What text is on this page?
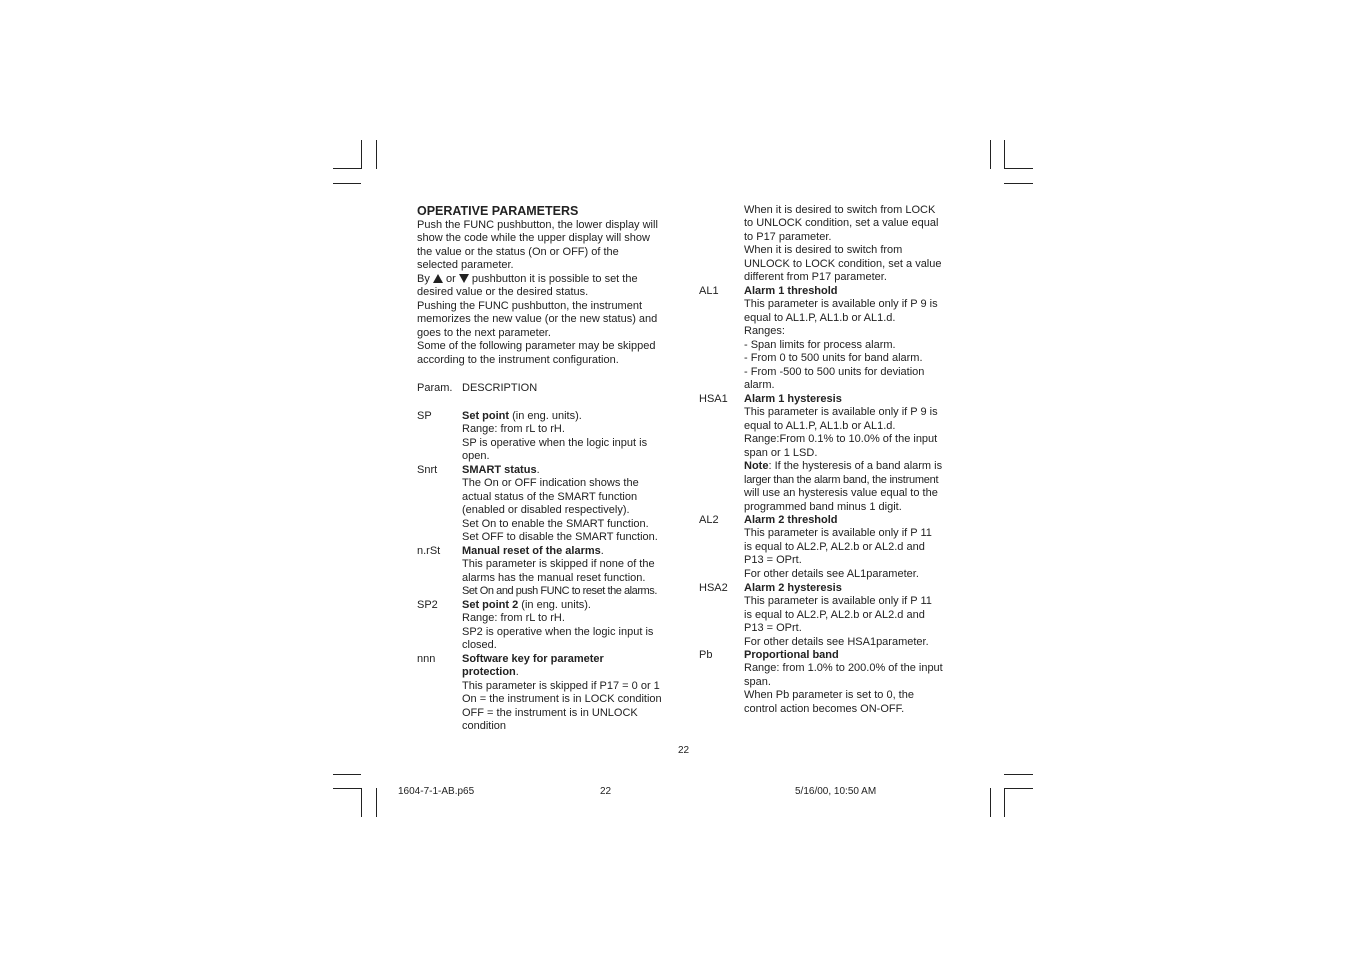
OPERATIVE PARAMETERS
Push the FUNC pushbutton, the lower display will
show the code while the upper display will show
the value or the status (On or OFF) of the
selected parameter.
By or pushbutton it is possible to set the
desired value or the desired status.
Pushing the FUNC pushbutton, the instrument
memorizes the new value (or the new status) and
goes to the next parameter.
Some of the following parameter may be skipped
according to the instrument configuration.
Param. DESCRIPTION
SP	Set point (in eng. units).
Range: from rL to rH.
SP is operative when the logic input is
open.
Snrt SMART status.
The On or OFF indication shows the
actual status of the SMART function
(enabled or disabled respectively).
Set On to enable the SMART function.
Set OFF to disable the SMART function.
n.rSt Manual reset of the alarms.
This parameter is skipped if none of the
alarms has the manual reset function.
Set On and push FUNC to reset the alarms.
SP2 Set point 2 (in eng. units).
Range: from rL to rH.
SP2 is operative when the logic input is
closed.
nnn Software key for parameter
protection.
This parameter is skipped if P17 = 0 or 1
On = the instrument is in LOCK condition
OFF = the instrument is in UNLOCK
condition
When it is desired to switch from LOCK
to UNLOCK condition, set a value equal
to P17 parameter.
When it is desired to switch from
UNLOCK to LOCK condition, set a value
different from P17 parameter.
AL1 Alarm 1 threshold
This parameter is available only if P 9 is
equal to AL1.P, AL1.b or AL1.d.
Ranges:
- Span limits for process alarm.
- From 0 to 500 units for band alarm.
- From -500 to 500 units for deviation
alarm.
HSA1 Alarm 1 hysteresis
This parameter is available only if P 9 is
equal to AL1.P, AL1.b or AL1.d.
Range:From 0.1% to 10.0% of the input
span or 1 LSD.
Note: If the hysteresis of a band alarm is
larger than the alarm band, the instrument
will use an hysteresis value equal to the
programmed band minus 1 digit.
AL2 Alarm 2 threshold
This parameter is available only if P 11
is equal to AL2.P, AL2.b or AL2.d and
P13 = OPrt.
For other details see AL1parameter.
HSA2 Alarm 2 hysteresis
This parameter is available only if P 11
is equal to AL2.P, AL2.b or AL2.d and
P13 = OPrt.
For other details see HSA1parameter.
Pb	Proportional band
Range: from 1.0% to 200.0% of the input
span.
When Pb parameter is set to 0, the
control action becomes ON-OFF.
22
1604-7-1-AB.p65	22	5/16/00, 10:50 AM
